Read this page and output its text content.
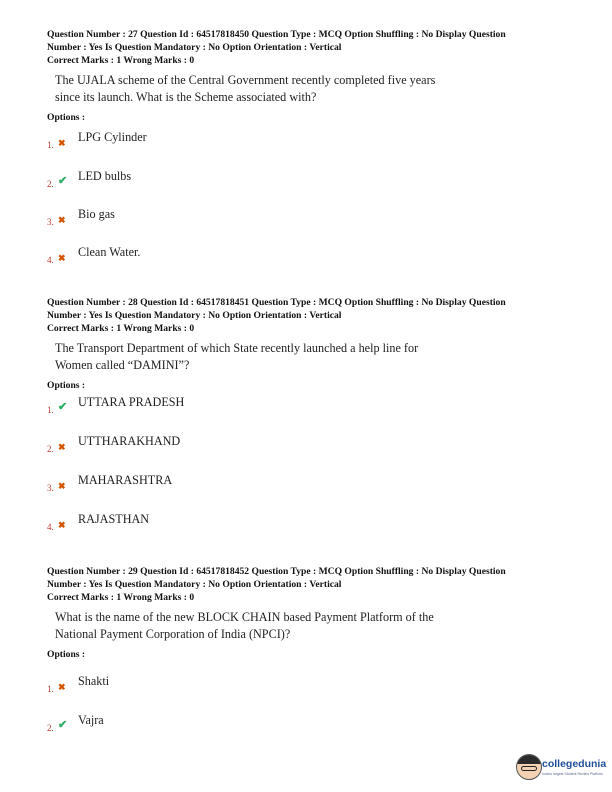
Question Number : 27 Question Id : 64517818450 Question Type : MCQ Option Shuffling : No Display Question
Number : Yes Is Question Mandatory : No Option Orientation : Vertical
Correct Marks : 1 Wrong Marks : 0
The UJALA scheme of the Central Government recently completed five years
since its launch. What is the Scheme associated with?
Options :
1. ✖ LPG Cylinder
2. ✔ LED bulbs
3. ✖ Bio gas
4. ✖ Clean Water.
Question Number : 28 Question Id : 64517818451 Question Type : MCQ Option Shuffling : No Display Question
Number : Yes Is Question Mandatory : No Option Orientation : Vertical
Correct Marks : 1 Wrong Marks : 0
The Transport Department of which State recently launched a help line for
Women called “DAMINI”?
Options :
1. ✔ UTTARA PRADESH
2. ✖ UTTHARAKHAND
3. ✖ MAHARASHTRA
4. ✖ RAJASTHAN
Question Number : 29 Question Id : 64517818452 Question Type : MCQ Option Shuffling : No Display Question
Number : Yes Is Question Mandatory : No Option Orientation : Vertical
Correct Marks : 1 Wrong Marks : 0
What is the name of the new BLOCK CHAIN based Payment Platform of the
National Payment Corporation of India (NPCI)?
Options :
1. ✖ Shakti
2. ✔ Vajra
collegedunia
India's largest Student Review Platform
